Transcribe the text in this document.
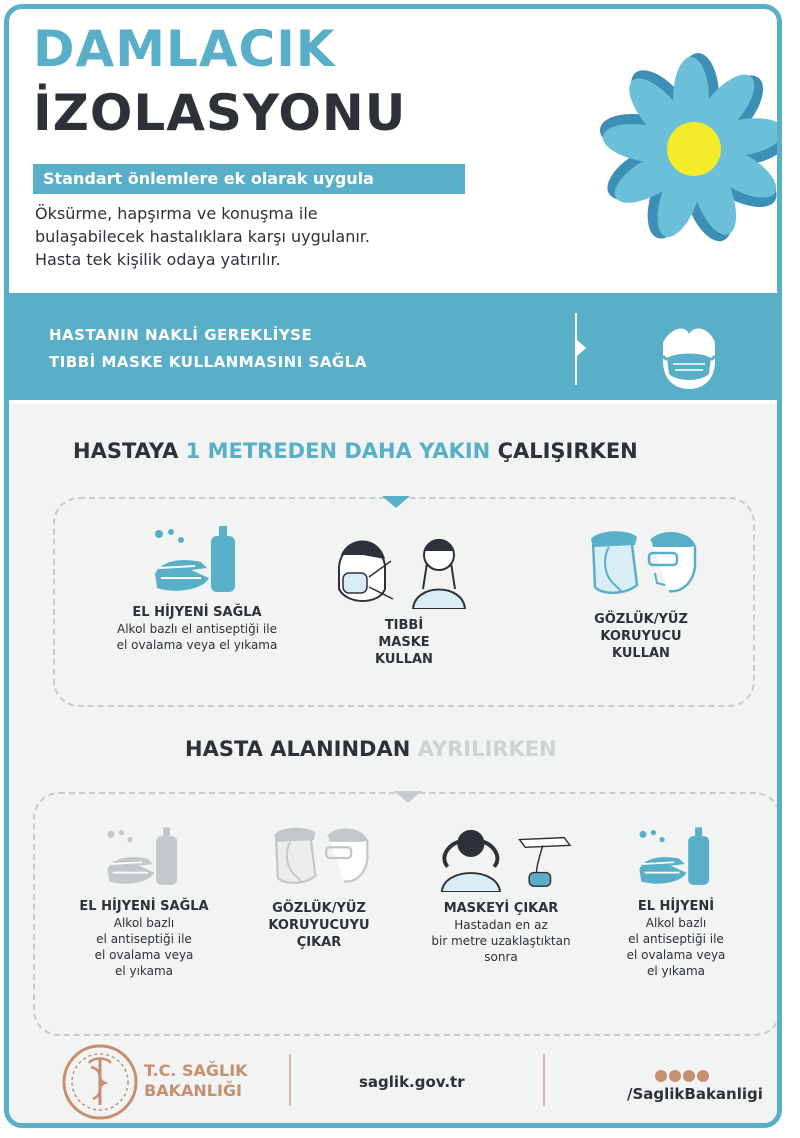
DAMLACIK
İZOLASYONU
Standart önlemlere ek olarak uygula
Öksürme, hapşırma ve konuşma ile
bulaşabilecek hastalıklara karşı uygulanır.
Hasta tek kişilik odaya yatırılır.
HASTANIN NAKLİ GEREKLİYSE
TIBBİ MASKE KULLANMASINI SAĞLA
HASTAYA 1 METREDEN DAHA YAKIN ÇALIŞIRKEN
EL HİJYENİ SAĞLA
Alkol bazlı el antiseptiği ile
el ovalama veya el yıkama
TIBBİ
MASKE
KULLAN
GÖZLÜK/YÜZ
KORUYUCU
KULLAN
HASTA ALANINDAN AYRILIRKEN
EL HİJYENİ SAĞLA
Alkol bazlı
el antiseptiği ile
el ovalama veya
el yıkama
GÖZLÜK/YÜZ
KORUYUCUYU
ÇIKAR
MASKEYİ ÇIKAR
Hastadan en az
bir metre uzaklaştıktan
sonra
EL HİJYENİ
Alkol bazlı
el antiseptiği ile
el ovalama veya
el yıkama
T.C. SAĞLIK
BAKANLIĞI	saglik.gov.tr
/SaglikBakanligi
